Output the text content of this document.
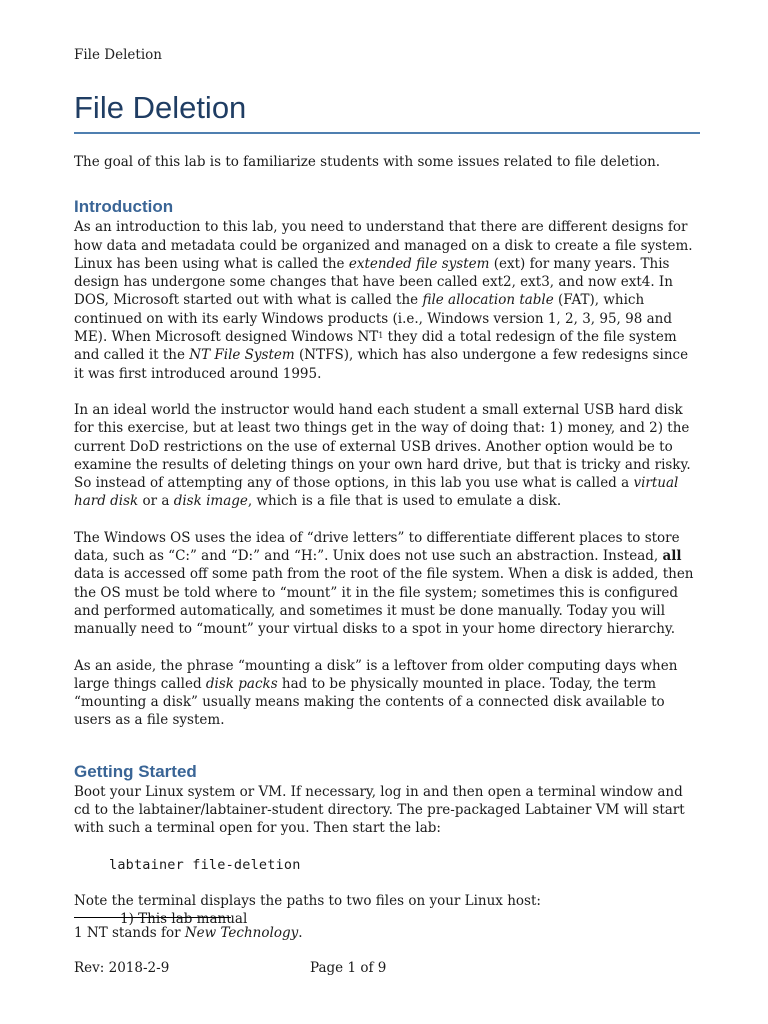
File Deletion
File Deletion

The goal of this lab is to familiarize students with some issues related to file deletion.

Introduction

As an introduction to this lab, you need to understand that there are different designs for how data and metadata could be organized and managed on a disk to create a file system. Linux has been using what is called the extended file system (ext) for many years. This design has undergone some changes that have been called ext2, ext3, and now ext4. In DOS, Microsoft started out with what is called the file allocation table (FAT), which continued on with its early Windows products (i.e., Windows version 1, 2, 3, 95, 98 and ME). When Microsoft designed Windows $NT^1$ they did a total redesign of the file system and called it the NT File System (NTFS), which has also undergone a few redesigns since it was first introduced around 1995.

In an ideal world the instructor would hand each student a small external USB hard disk for this exercise, but at least two things get in the way of doing that: 1) money, and 2) the current DoD restrictions on the use of external USB drives. Another option would be to examine the results of deleting things on your own hard drive, but that is tricky and risky. So instead of attempting any of those options, in this lab you use what is called a virtual hard disk or a disk image, which is a file that is used to emulate a disk.

The Windows OS uses the idea of “drive letters” to differentiate different places to store data, such as “C:” and “D:” and “H:”. Unix does not use such an abstraction. Instead, all data is accessed off some path from the root of the file system. When a disk is added, then the OS must be told where to “mount” it in the file system; sometimes this is configured and performed automatically, and sometimes it must be done manually. Today you will manually need to “mount” your virtual disks to a spot in your home directory hierarchy.

As an aside, the phrase “mounting a disk” is a leftover from older computing days when large things called disk packs had to be physically mounted in place. Today, the term “mounting a disk” usually means making the contents of a connected disk available to users as a file system.

Getting Started

Boot your Linux system or VM. If necessary, log in and then open a terminal window and cd to the labtainer/labtainer-student directory. The pre-packaged Labtainer VM will start with such a terminal open for you. Then start the lab:

labtainer file-deletion

Note the terminal displays the paths to two files on your Linux host:

1) This lab manual

1 NT stands for New Technology.
Rev: 2018-2-9	Page 1 of 9
